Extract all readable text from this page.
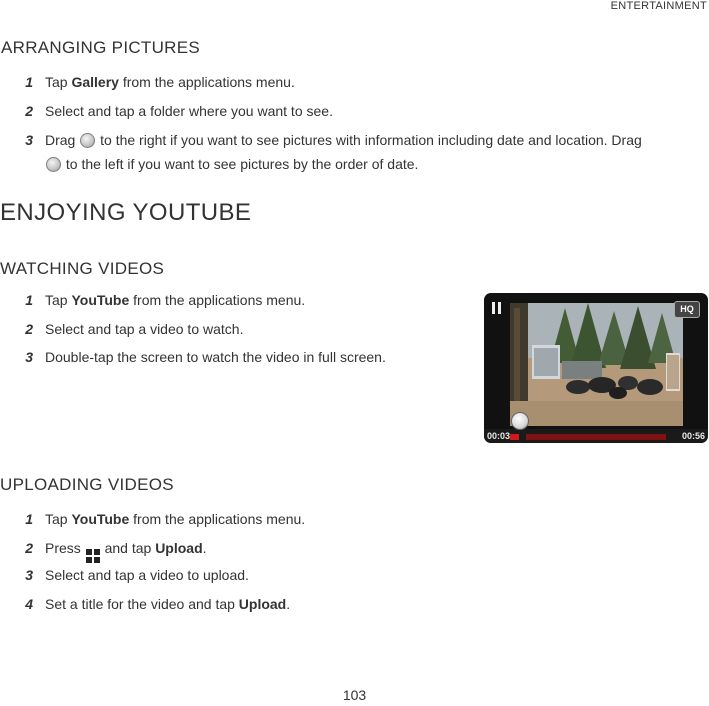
ENTERTAINMENT
ARRANGING PICTURES
1 Tap Gallery from the applications menu.
2 Select and tap a folder where you want to see.
3 Drag  to the right if you want to see pictures with information including date and location. Drag
to the left if you want to see pictures by the order of date.
ENJOYING YOUTUBE
WATCHING VIDEOS
1 Tap YouTube from the applications menu.
2 Select and tap a video to watch.
3 Double-tap the screen to watch the video in full screen.
HQ
00:03	00:56
UPLOADING VIDEOS
1 Tap YouTube from the applications menu.
2 Press
and tap Upload.
3 Select and tap a video to upload.
4 Set a title for the video and tap Upload.
103
